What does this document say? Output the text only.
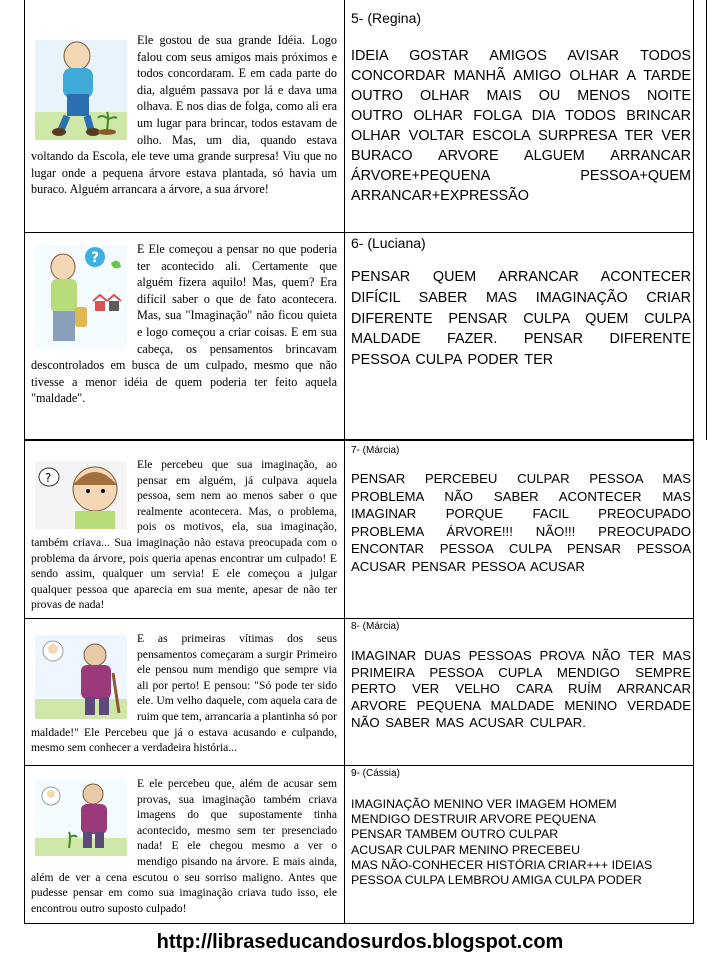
Ele gostou de sua grande Idéia. Logo falou com seus amigos mais próximos e todos concordaram. E em cada parte do dia, alguém passava por lá e dava uma olhava. E nos dias de folga, como ali era um lugar para brincar, todos estavam de olho. Mas, um dia, quando estava voltando da Escola, ele teve uma grande surpresa! Viu que no lugar onde a pequena árvore estava plantada, só havia um buraco. Alguém arrancara a árvore, a sua árvore!
5- (Regina)
IDEIA GOSTAR AMIGOS AVISAR TODOS CONCORDAR MANHÃ AMIGO OLHAR A TARDE OUTRO OLHAR MAIS OU MENOS NOITE OUTRO OLHAR FOLGA DIA TODOS BRINCAR OLHAR VOLTAR ESCOLA SURPRESA TER VER BURACO ARVORE ALGUEM ARRANCAR ÁRVORE+PEQUENA PESSOA+QUEM ARRANCAR+EXPRESSÃO
?
E Ele começou a pensar no que poderia ter acontecido ali. Certamente que alguém fizera aquilo! Mas, quem? Era difícil saber o que de fato acontecera. Mas, sua "Imaginação" não ficou quieta e logo começou a criar coisas. E em sua cabeça, os pensamentos brincavam descontrolados em busca de um culpado, mesmo que não tivesse a menor idéia de quem poderia ter feito aquela "maldade".
6- (Luciana)
PENSAR QUEM ARRANCAR ACONTECER DIFÍCIL SABER MAS IMAGINAÇÃO CRIAR DIFERENTE PENSAR CULPA QUEM CULPA MALDADE FAZER. PENSAR DIFERENTE PESSOA CULPA PODER TER
?
Ele percebeu que sua imaginação, ao pensar em alguém, já culpava aquela pessoa, sem nem ao menos saber o que realmente acontecera. Mas, o problema, pois os motivos, ela, sua imaginação, também criava... Sua imaginação não estava preocupada com o problema da árvore, pois queria apenas encontrar um culpado! E sendo assim, qualquer um servia! E ele começou a julgar qualquer pessoa que aparecia em sua mente, apesar de não ter provas de nada!
7- (Márcia)
PENSAR PERCEBEU CULPAR PESSOA MAS PROBLEMA NÃO SABER ACONTECER MAS IMAGINAR PORQUE FACIL PREOCUPADO PROBLEMA ÁRVORE!!! NÃO!!! PREOCUPADO ENCONTAR PESSOA CULPA PENSAR PESSOA ACUSAR PENSAR PESSOA ACUSAR
E as primeiras vítimas dos seus pensamentos começaram a surgir Primeiro ele pensou num mendigo que sempre via ali por perto! E pensou: "Só pode ter sido ele. Um velho daquele, com aquela cara de ruim que tem, arrancaria a plantinha só por maldade!" Ele Percebeu que já o estava acusando e culpando, mesmo sem conhecer a verdadeira história...
8- (Márcia)
IMAGINAR DUAS PESSOAS PROVA NÃO TER MAS PRIMEIRA PESSOA CUPLA MENDIGO SEMPRE PERTO VER VELHO CARA RUÍM ARRANCAR ARVORE PEQUENA MALDADE MENINO VERDADE NÃO SABER MAS ACUSAR CULPAR.
E ele percebeu que, além de acusar sem provas, sua imaginação também criava imagens do que supostamente tinha acontecido, mesmo sem ter presenciado nada! E ele chegou mesmo a ver o mendigo pisando na árvore. E mais ainda, além de ver a cena escutou o seu sorriso maligno. Antes que pudesse pensar em como sua imaginação criava tudo isso, ele encontrou outro suposto culpado!
9- (Cássia)
IMAGINAÇÃO MENINO VER IMAGEM HOMEM
MENDIGO DESTRUIR ARVORE PEQUENA
PENSAR TAMBEM OUTRO CULPAR
ACUSAR CULPAR MENINO PRECEBEU
MAS NÃO-CONHECER HISTÓRIA CRIAR+++ IDEIAS
PESSOA CULPA LEMBROU AMIGA CULPA PODER
http://libraseducandosurdos.blogspot.com
